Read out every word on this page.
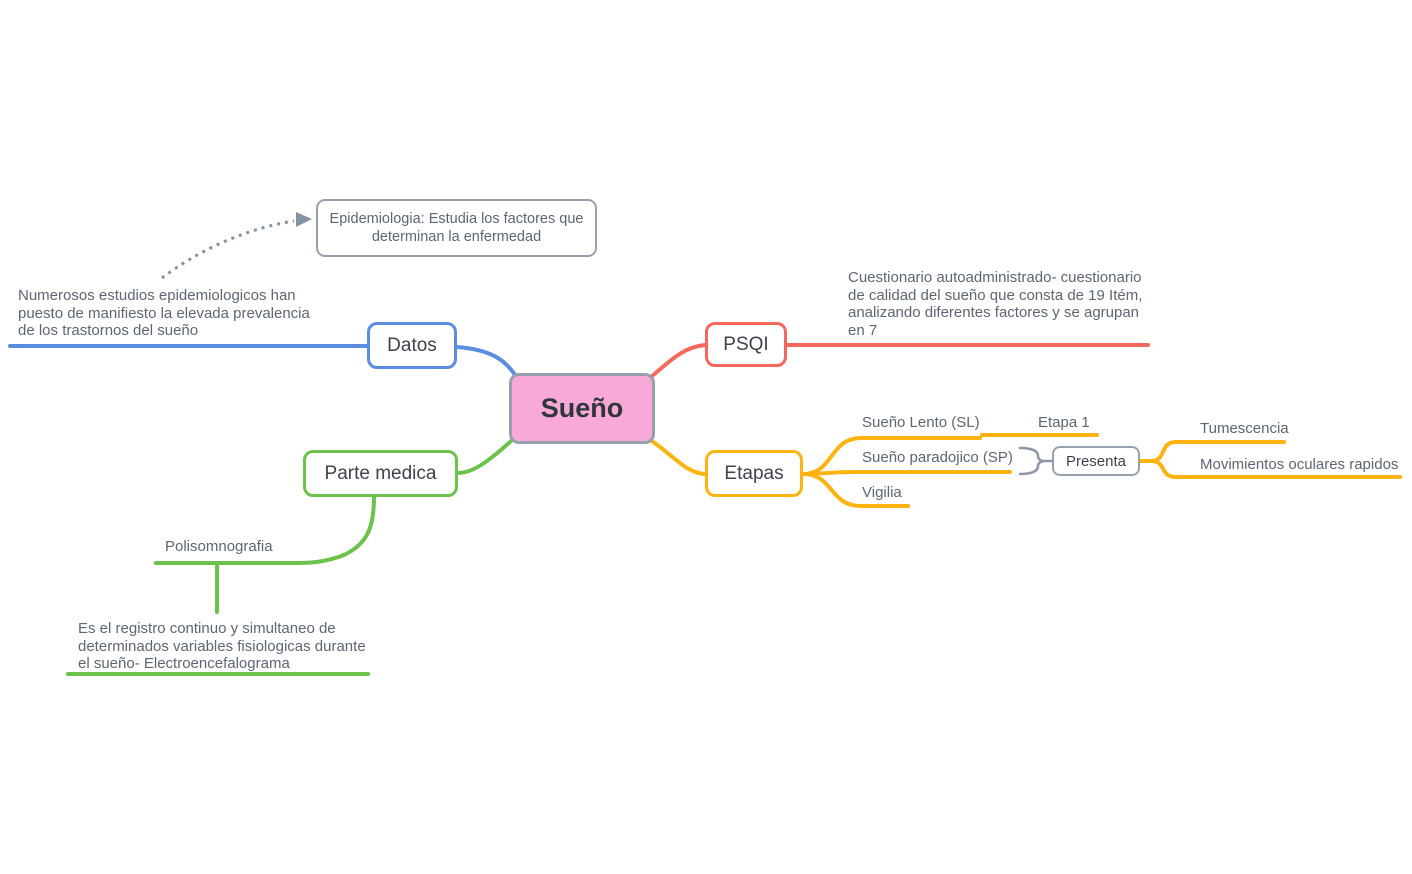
Sueño
Datos
Numerosos estudios epidemiologicos han puesto de manifiesto la elevada prevalencia de los trastornos del sueño
Epidemiologia: Estudia los factores que determinan la enfermedad
PSQI
Cuestionario autoadministrado- cuestionario de calidad del sueño que consta de 19 Itém, analizando diferentes factores y se agrupan en 7
Parte medica
Polisomnografia
Es el registro continuo y simultaneo de determinados variables fisiologicas durante el sueño- Electroencefalograma
Etapas
Sueño Lento (SL)	Etapa 1
Sueño paradojico (SP)
Vigilia
Presenta
Tumescencia
Movimientos oculares rapidos
